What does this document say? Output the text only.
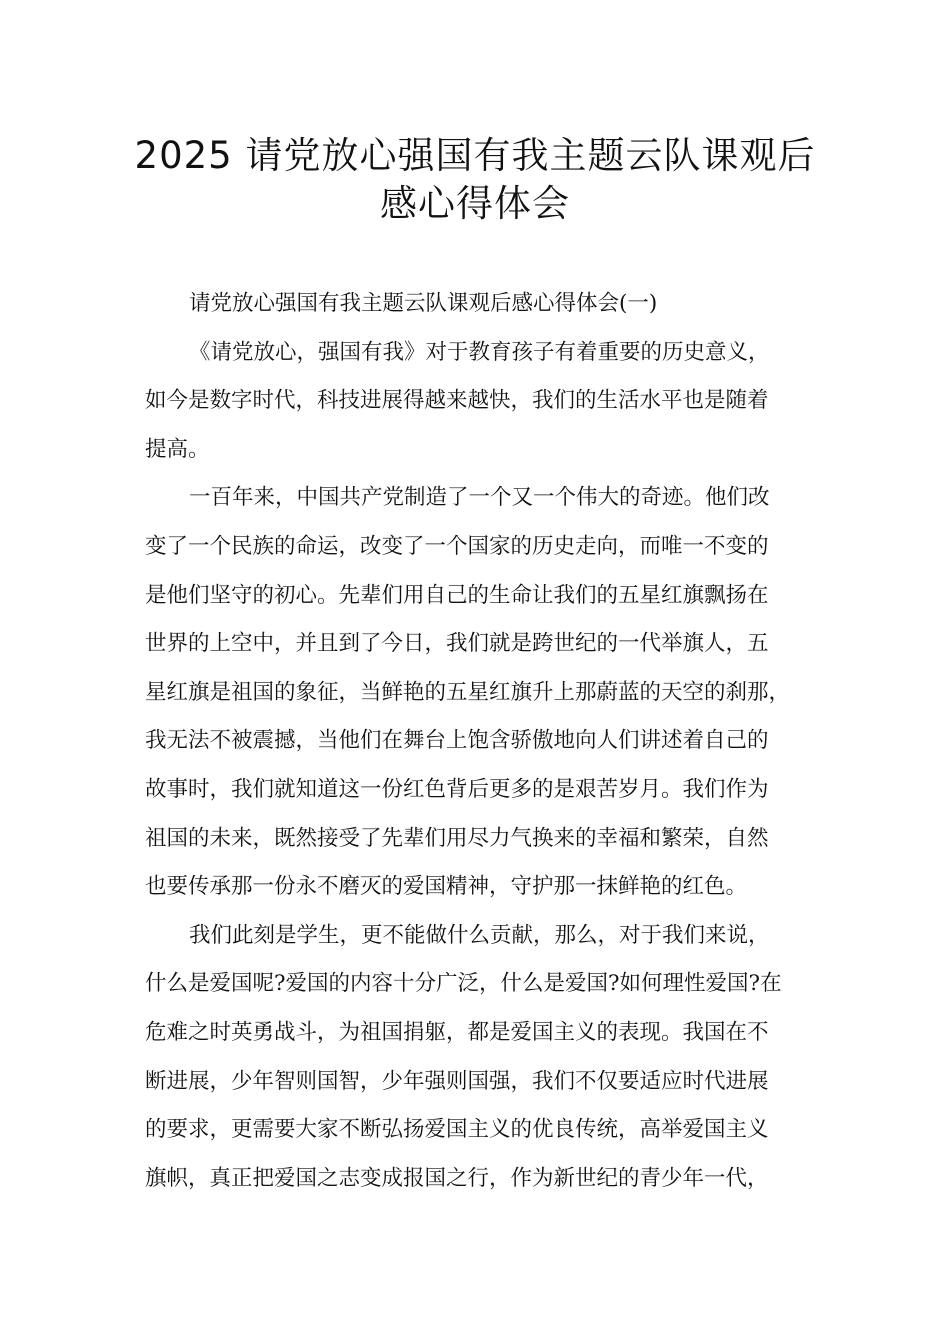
2025 请党放心强国有我主题云队课观后
感心得体会
请党放心强国有我主题云队课观后感心得体会(一)
《请党放心，强国有我》对于教育孩子有着重要的历史意义，
如今是数字时代，科技进展得越来越快，我们的生活水平也是随着
提高。
一百年来，中国共产党制造了一个又一个伟大的奇迹。他们改
变了一个民族的命运，改变了一个国家的历史走向，而唯一不变的
是他们坚守的初心。先辈们用自己的生命让我们的五星红旗飘扬在
世界的上空中，并且到了今日，我们就是跨世纪的一代举旗人，五
星红旗是祖国的象征，当鲜艳的五星红旗升上那蔚蓝的天空的刹那，
我无法不被震撼，当他们在舞台上饱含骄傲地向人们讲述着自己的
故事时，我们就知道这一份红色背后更多的是艰苦岁月。我们作为
祖国的未来，既然接受了先辈们用尽力气换来的幸福和繁荣，自然
也要传承那一份永不磨灭的爱国精神，守护那一抹鲜艳的红色。
我们此刻是学生，更不能做什么贡献，那么，对于我们来说，
什么是爱国呢?爱国的内容十分广泛，什么是爱国?如何理性爱国?在
危难之时英勇战斗，为祖国捐躯，都是爱国主义的表现。我国在不
断进展，少年智则国智，少年强则国强，我们不仅要适应时代进展
的要求，更需要大家不断弘扬爱国主义的优良传统，高举爱国主义
旗帜，真正把爱国之志变成报国之行，作为新世纪的青少年一代，
